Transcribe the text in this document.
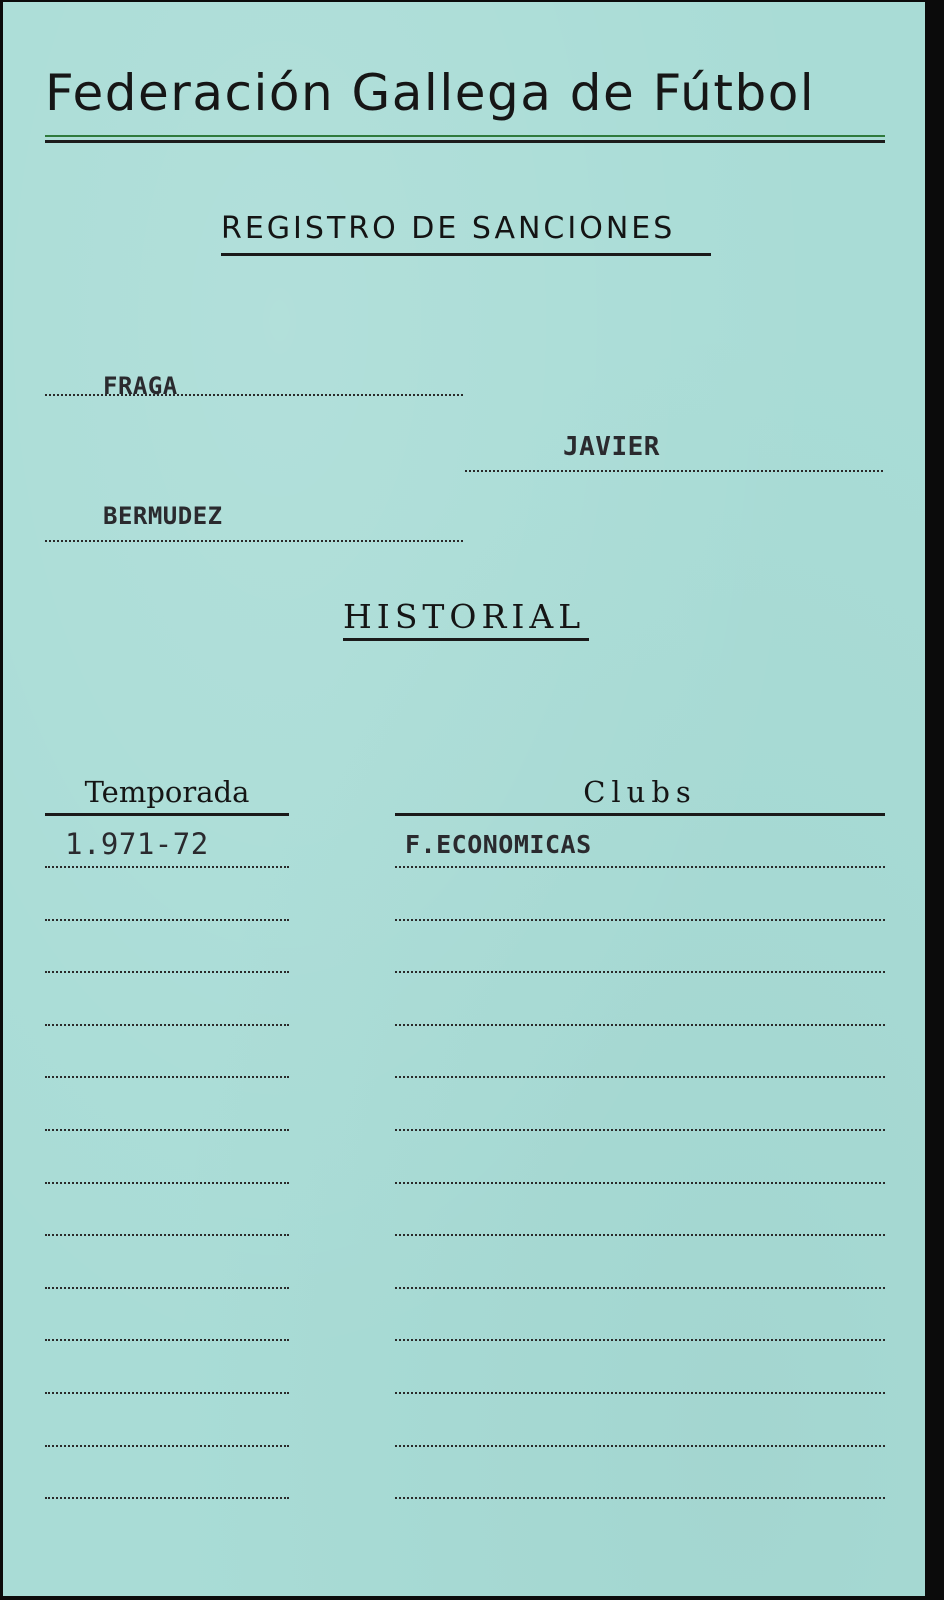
Federación Gallega de Fútbol
REGISTRO DE SANCIONES
FRAGA
JAVIER
BERMUDEZ
HISTORIAL
Temporada	Clubs
1.971-72	F.ECONOMICAS
